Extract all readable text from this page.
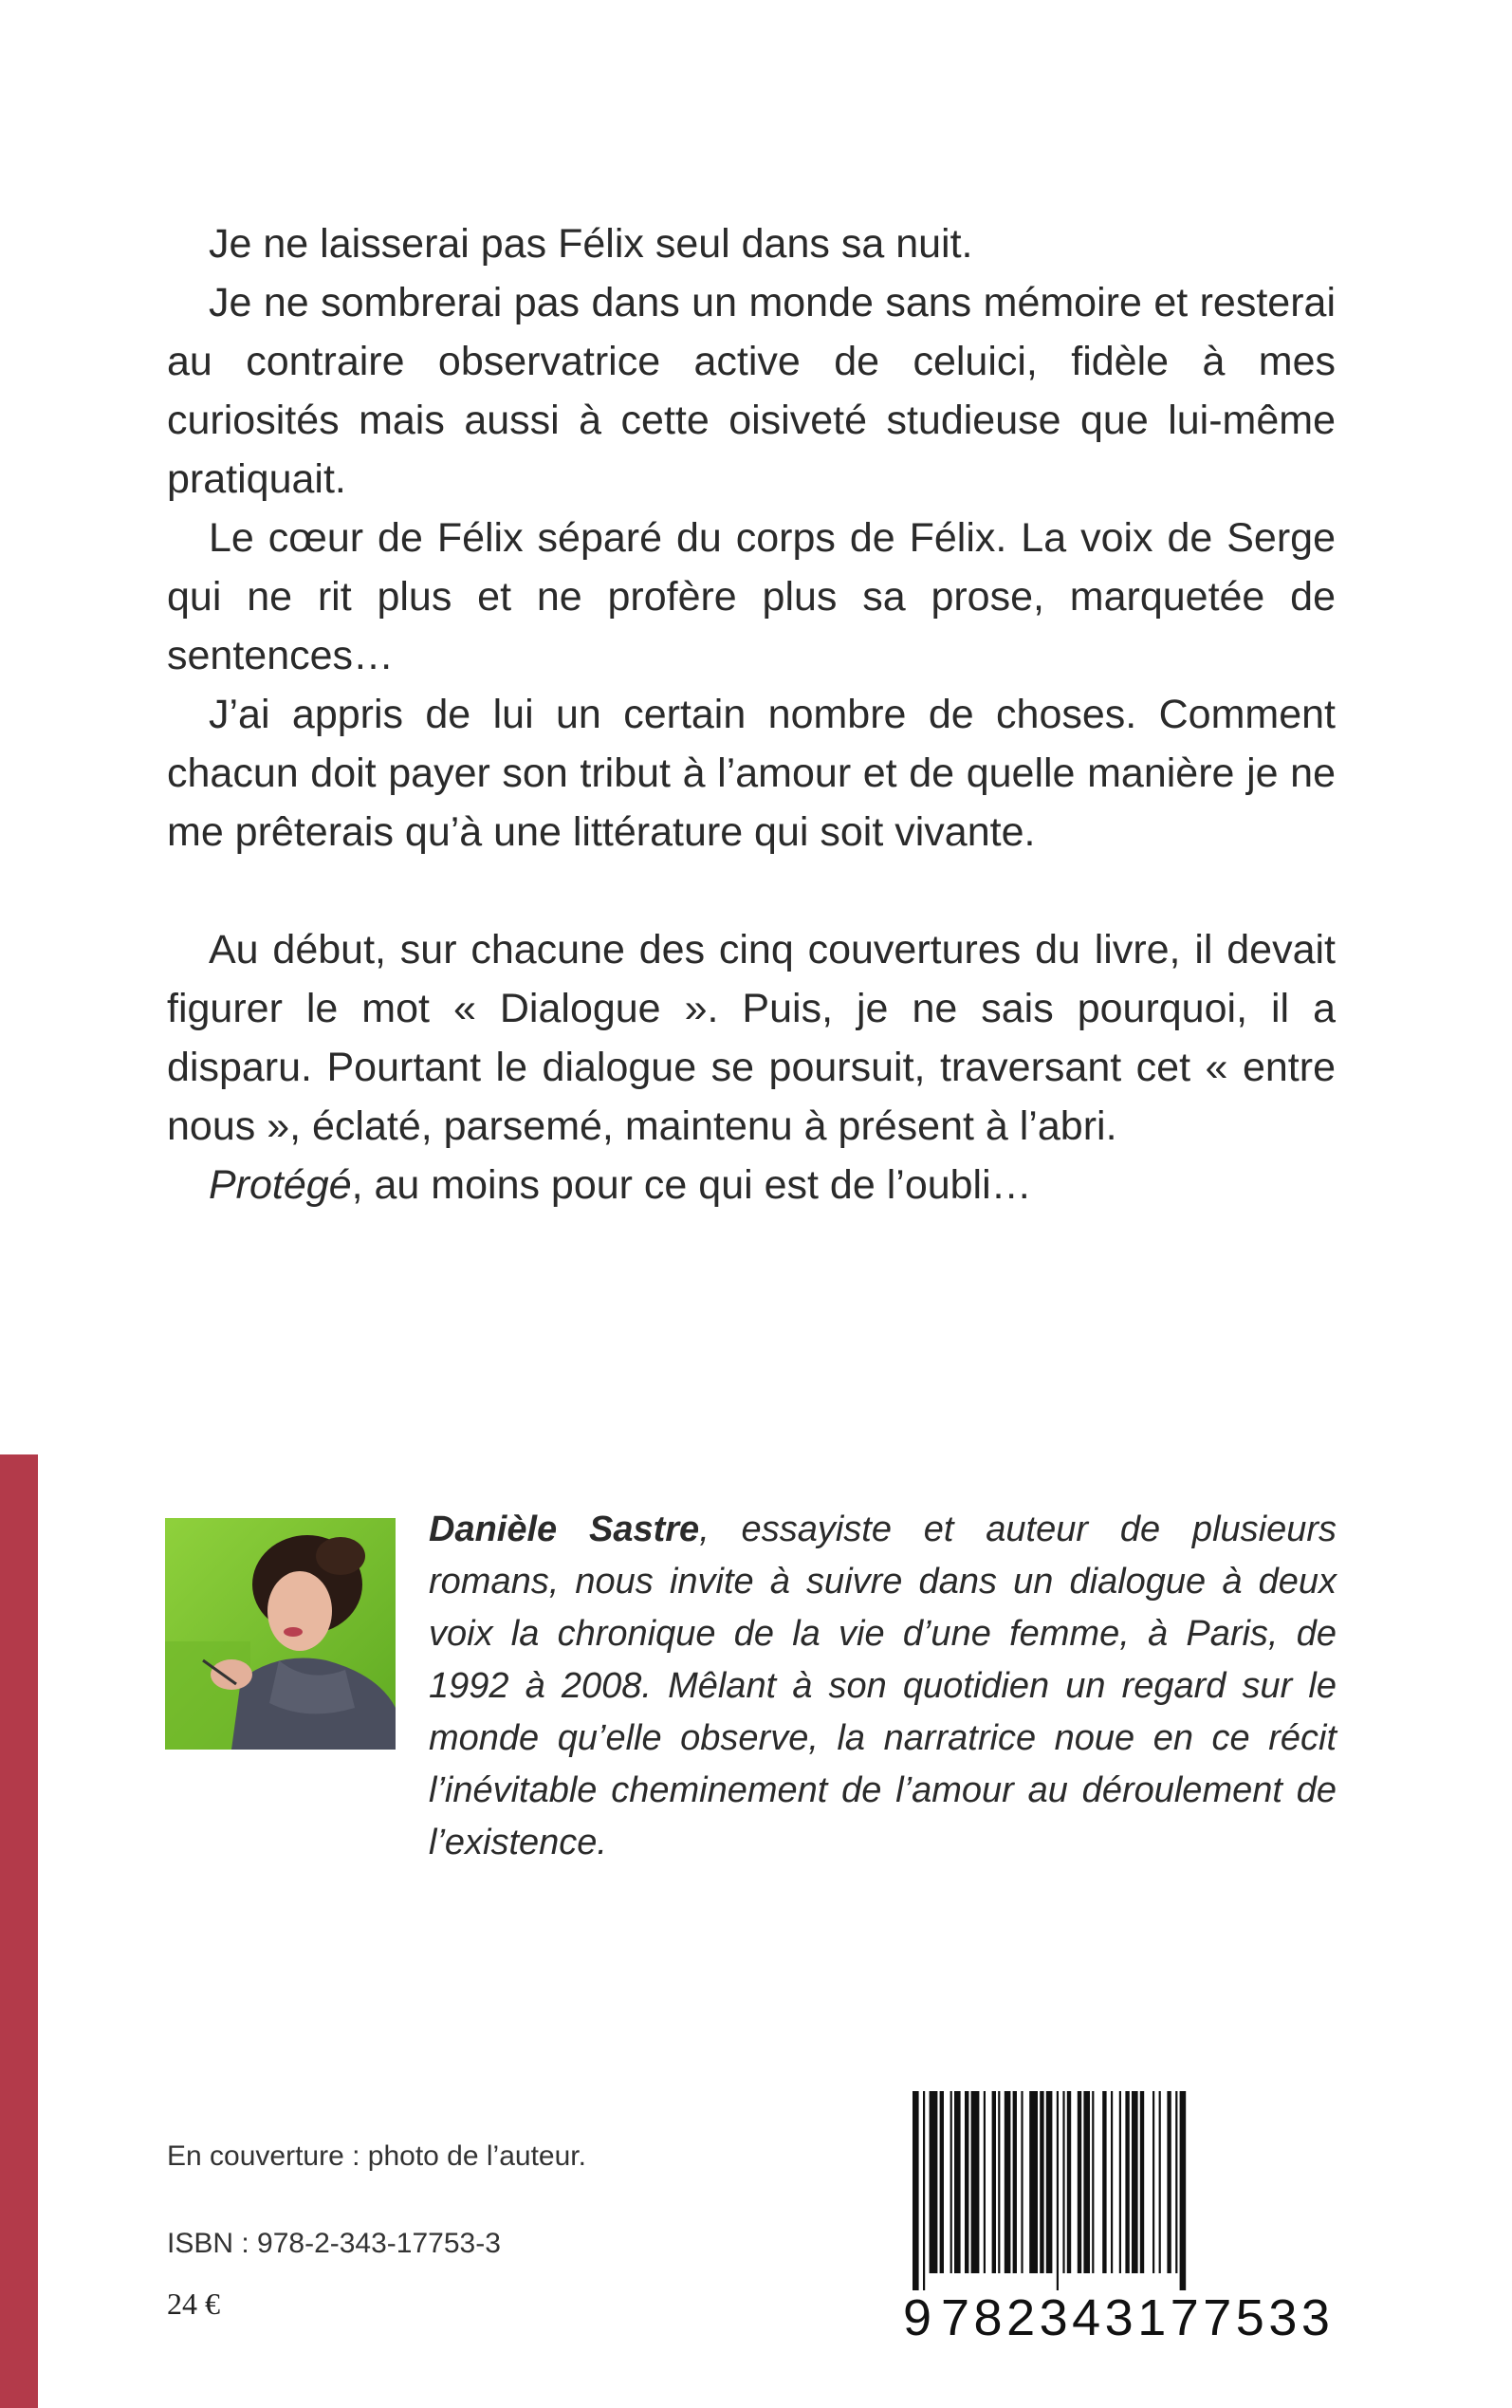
Je ne laisserai pas Félix seul dans sa nuit.

Je ne sombrerai pas dans un monde sans mémoire et resterai au contraire observatrice active de celuici, fidèle à mes curiosités mais aussi à cette oisiveté studieuse que lui-même pratiquait.

Le cœur de Félix séparé du corps de Félix. La voix de Serge qui ne rit plus et ne profère plus sa prose, marquetée de sentences…

J’ai appris de lui un certain nombre de choses. Comment chacun doit payer son tribut à l’amour et de quelle manière je ne me prêterais qu’à une littérature qui soit vivante.

Au début, sur chacune des cinq couvertures du livre, il devait figurer le mot « Dialogue ». Puis, je ne sais pourquoi, il a disparu. Pourtant le dialogue se poursuit, traversant cet « entre nous », éclaté, parsemé, maintenu à présent à l’abri.

Protégé, au moins pour ce qui est de l’oubli…

Danièle Sastre, essayiste et auteur de plusieurs romans, nous invite à suivre dans un dialogue à deux voix la chronique de la vie d’une femme, à Paris, de 1992 à 2008. Mêlant à son quotidien un regard sur le monde qu’elle observe, la narratrice noue en ce récit l’inévitable cheminement de l’amour au déroulement de l’existence.
En couverture : photo de l’auteur.
ISBN : 978-2-343-17753-3
24 €	9 782343177533
